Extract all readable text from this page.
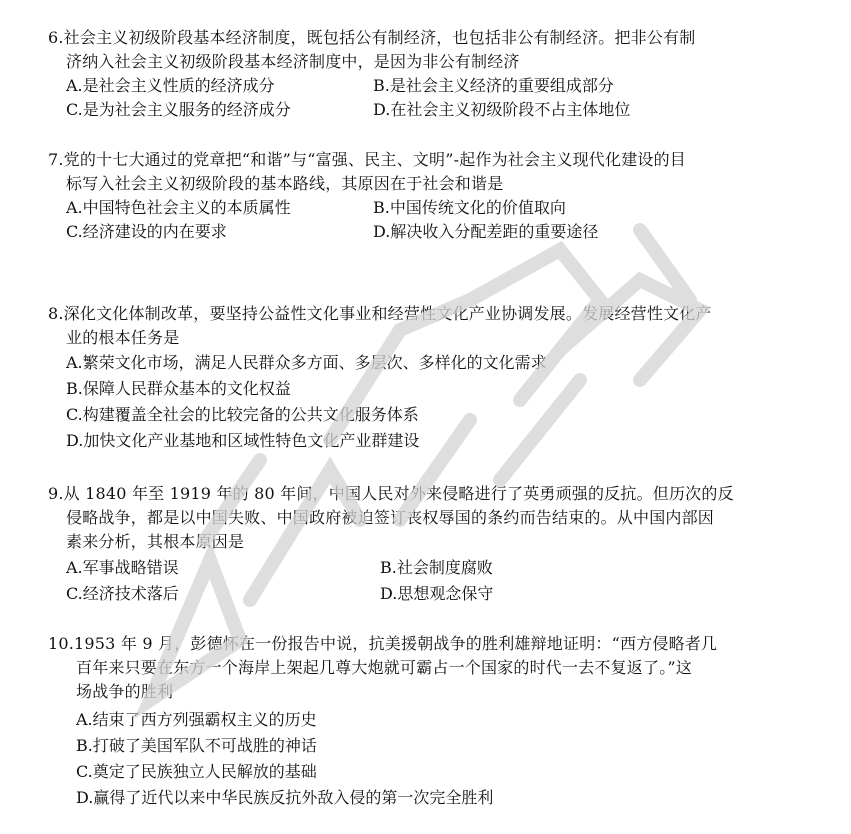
6.社会主义初级阶段基本经济制度，既包括公有制经济，也包括非公有制经济。把非公有制
济纳入社会主义初级阶段基本经济制度中，是因为非公有制经济
A.是社会主义性质的经济成分	B.是社会主义经济的重要组成部分
C.是为社会主义服务的经济成分	D.在社会主义初级阶段不占主体地位
7.党的十七大通过的党章把“和谐”与“富强、民主、文明”-起作为社会主义现代化建设的目
标写入社会主义初级阶段的基本路线，其原因在于社会和谐是
A.中国特色社会主义的本质属性	B.中国传统文化的价值取向
C.经济建设的内在要求	D.解决收入分配差距的重要途径
8.深化文化体制改革，要坚持公益性文化事业和经营性文化产业协调发展。发展经营性文化产
业的根本任务是
A.繁荣文化市场，满足人民群众多方面、多层次、多样化的文化需求
B.保障人民群众基本的文化权益
C.构建覆盖全社会的比较完备的公共文化服务体系
D.加快文化产业基地和区域性特色文化产业群建设
9.从 1840 年至 1919 年的 80 年间，中国人民对外来侵略进行了英勇顽强的反抗。但历次的反
侵略战争，都是以中国失败、中国政府被迫签订丧权辱国的条约而告结束的。从中国内部因
素来分析，其根本原因是
A.军事战略错误	B.社会制度腐败
C.经济技术落后	D.思想观念保守
10.1953 年 9 月，彭德怀在一份报告中说，抗美援朝战争的胜利雄辩地证明：“西方侵略者几
百年来只要在东方一个海岸上架起几尊大炮就可霸占一个国家的时代一去不复返了。”这
场战争的胜利
A.结束了西方列强霸权主义的历史
B.打破了美国军队不可战胜的神话
C.奠定了民族独立人民解放的基础
D.赢得了近代以来中华民族反抗外敌入侵的第一次完全胜利
